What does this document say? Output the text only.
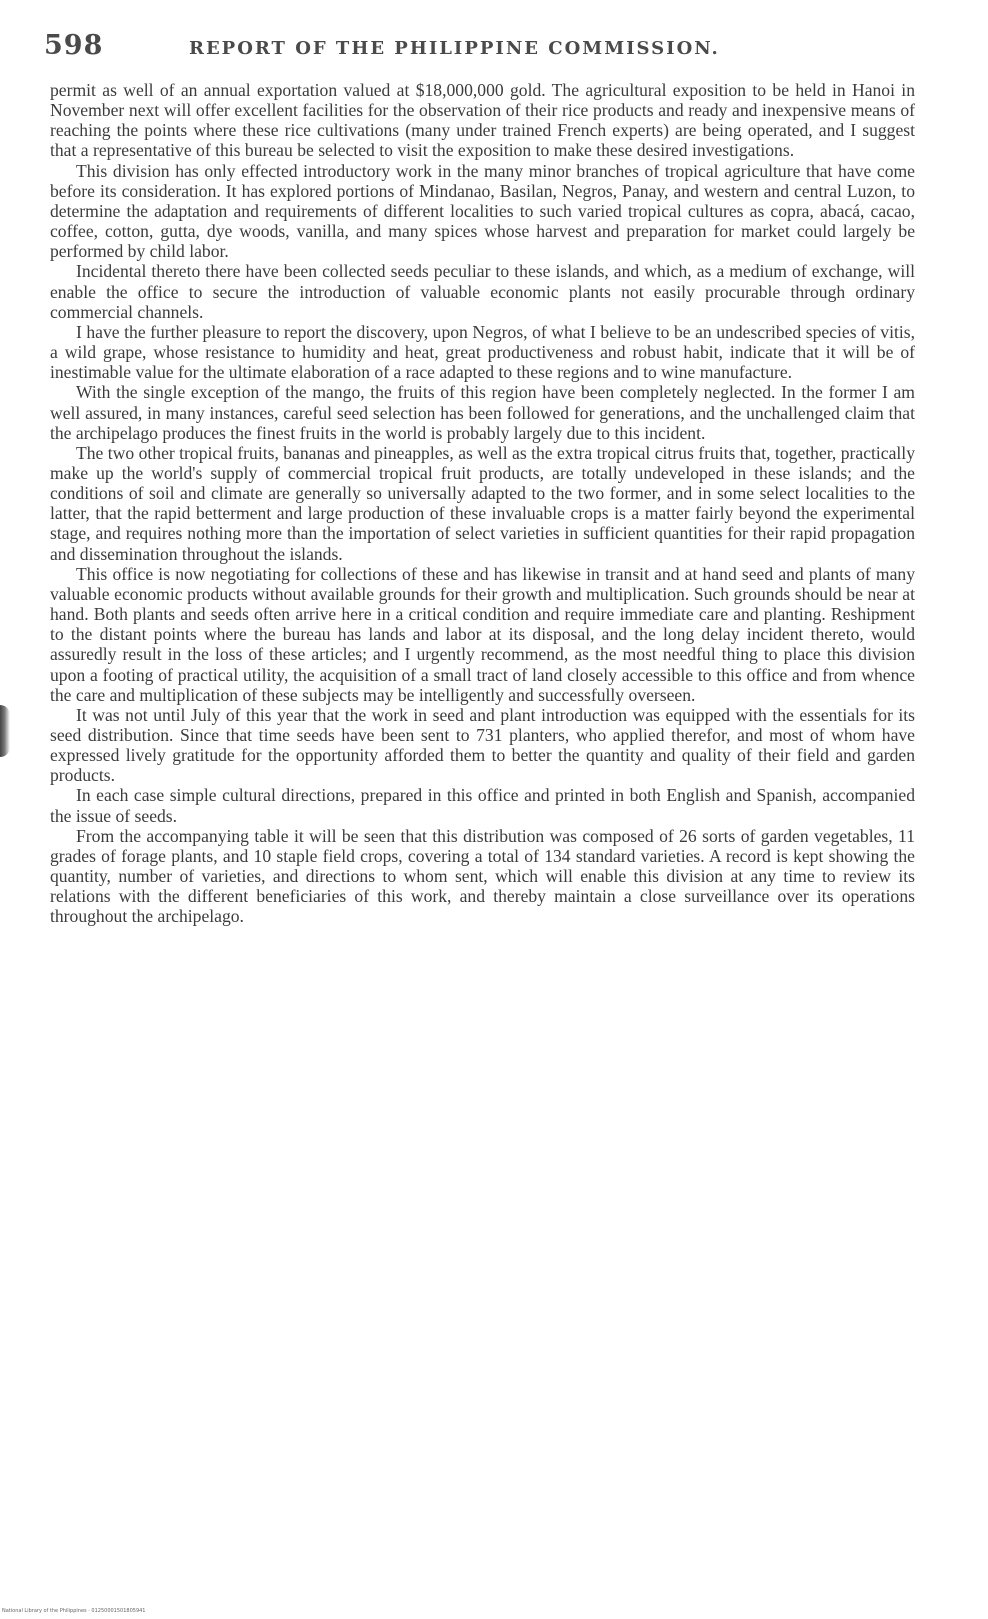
598	REPORT OF THE PHILIPPINE COMMISSION.

permit as well of an annual exportation valued at $18,000,000 gold. The agricultural exposition to be held in Hanoi in November next will offer excellent facilities for the observation of their rice products and ready and inexpensive means of reaching the points where these rice cultivations (many under trained French experts) are being operated, and I suggest that a representative of this bureau be selected to visit the exposition to make these desired investigations.

This division has only effected introductory work in the many minor branches of tropical agriculture that have come before its consideration. It has explored portions of Mindanao, Basilan, Negros, Panay, and western and central Luzon, to determine the adaptation and requirements of different localities to such varied tropical cultures as copra, abacá, cacao, coffee, cotton, gutta, dye woods, vanilla, and many spices whose harvest and preparation for market could largely be performed by child labor.

Incidental thereto there have been collected seeds peculiar to these islands, and which, as a medium of exchange, will enable the office to secure the introduction of valuable economic plants not easily procurable through ordinary commercial channels.

I have the further pleasure to report the discovery, upon Negros, of what I believe to be an undescribed species of vitis, a wild grape, whose resistance to humidity and heat, great productiveness and robust habit, indicate that it will be of inestimable value for the ultimate elaboration of a race adapted to these regions and to wine manufacture.

With the single exception of the mango, the fruits of this region have been completely neglected. In the former I am well assured, in many instances, careful seed selection has been followed for generations, and the unchallenged claim that the archipelago produces the finest fruits in the world is probably largely due to this incident.

The two other tropical fruits, bananas and pineapples, as well as the extra tropical citrus fruits that, together, practically make up the world's supply of commercial tropical fruit products, are totally undeveloped in these islands; and the conditions of soil and climate are generally so universally adapted to the two former, and in some select localities to the latter, that the rapid betterment and large production of these invaluable crops is a matter fairly beyond the experimental stage, and requires nothing more than the importation of select varieties in sufficient quantities for their rapid propagation and dissemination throughout the islands.

This office is now negotiating for collections of these and has likewise in transit and at hand seed and plants of many valuable economic products without available grounds for their growth and multiplication. Such grounds should be near at hand. Both plants and seeds often arrive here in a critical condition and require immediate care and planting. Reshipment to the distant points where the bureau has lands and labor at its disposal, and the long delay incident thereto, would assuredly result in the loss of these articles; and I urgently recommend, as the most needful thing to place this division upon a footing of practical utility, the acquisition of a small tract of land closely accessible to this office and from whence the care and multiplication of these subjects may be intelligently and successfully overseen.

It was not until July of this year that the work in seed and plant introduction was equipped with the essentials for its seed distribution. Since that time seeds have been sent to 731 planters, who applied therefor, and most of whom have expressed lively gratitude for the opportunity afforded them to better the quantity and quality of their field and garden products.

In each case simple cultural directions, prepared in this office and printed in both English and Spanish, accompanied the issue of seeds.

From the accompanying table it will be seen that this distribution was composed of 26 sorts of garden vegetables, 11 grades of forage plants, and 10 staple field crops, covering a total of 134 standard varieties. A record is kept showing the quantity, number of varieties, and directions to whom sent, which will enable this division at any time to review its relations with the different beneficiaries of this work, and thereby maintain a close surveillance over its operations throughout the archipelago.

National Library of the Philippines · 01250001501805941
